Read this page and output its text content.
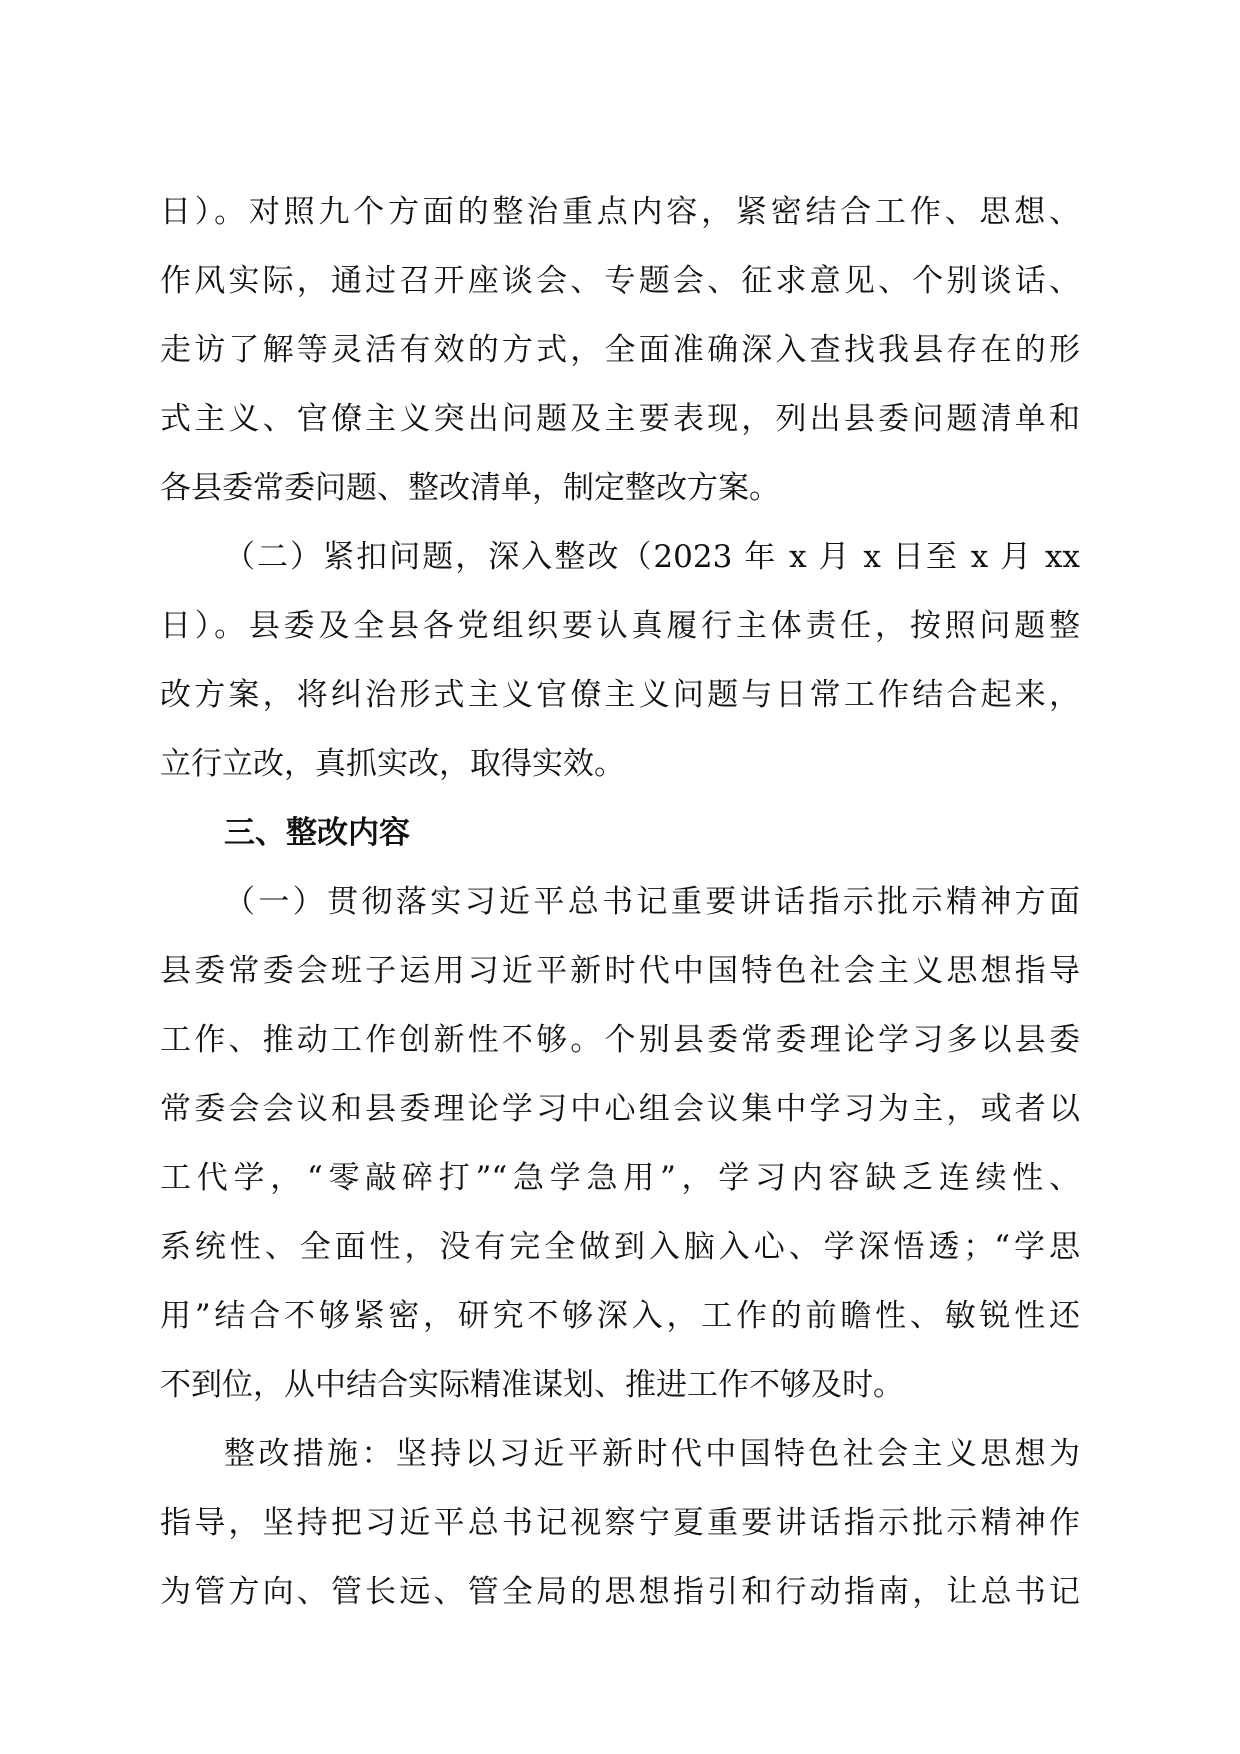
日）。对照九个方面的整治重点内容，紧密结合工作、思想、
作风实际，通过召开座谈会、专题会、征求意见、个别谈话、
走访了解等灵活有效的方式，全面准确深入查找我县存在的形
式主义、官僚主义突出问题及主要表现，列出县委问题清单和
各县委常委问题、整改清单，制定整改方案。
（二）紧扣问题，深入整改（2023 年 x 月 x 日至 x 月 xx
日）。县委及全县各党组织要认真履行主体责任，按照问题整
改方案，将纠治形式主义官僚主义问题与日常工作结合起来，
立行立改，真抓实改，取得实效。
三、整改内容
（一）贯彻落实习近平总书记重要讲话指示批示精神方面
县委常委会班子运用习近平新时代中国特色社会主义思想指导
工作、推动工作创新性不够。个别县委常委理论学习多以县委
常委会会议和县委理论学习中心组会议集中学习为主，或者以
工代学，“零敲碎打”“急学急用”，学习内容缺乏连续性、
系统性、全面性，没有完全做到入脑入心、学深悟透；“学思
用”结合不够紧密，研究不够深入，工作的前瞻性、敏锐性还
不到位，从中结合实际精准谋划、推进工作不够及时。
整改措施：坚持以习近平新时代中国特色社会主义思想为
指导，坚持把习近平总书记视察宁夏重要讲话指示批示精神作
为管方向、管长远、管全局的思想指引和行动指南，让总书记
